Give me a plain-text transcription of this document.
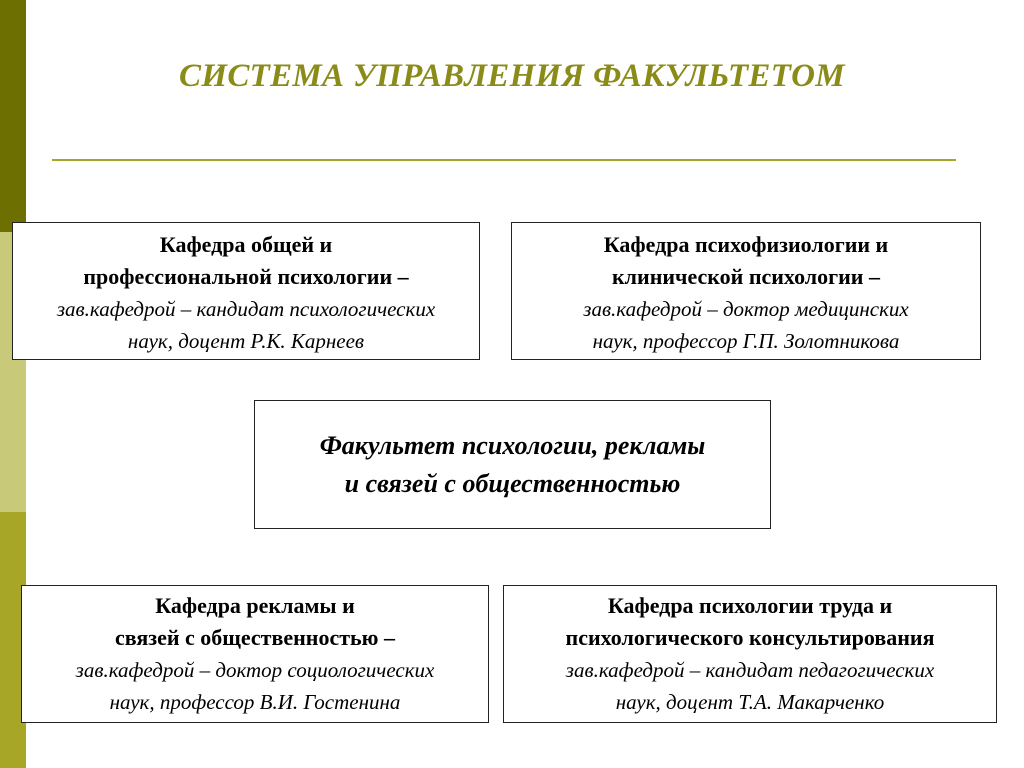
СИСТЕМА УПРАВЛЕНИЯ ФАКУЛЬТЕТОМ
Кафедра общей и
профессиональной психологии –
зав.кафедрой – кандидат психологических
наук, доцент Р.К. Карнеев
Кафедра психофизиологии и
клинической психологии –
зав.кафедрой – доктор медицинских
наук, профессор Г.П. Золотникова
Факультет психологии, рекламы
и связей с общественностью
Кафедра рекламы и
связей с общественностью –
зав.кафедрой – доктор социологических
наук, профессор В.И. Гостенина
Кафедра психологии труда и
психологического консультирования
зав.кафедрой – кандидат педагогических
наук, доцент Т.А. Макарченко
